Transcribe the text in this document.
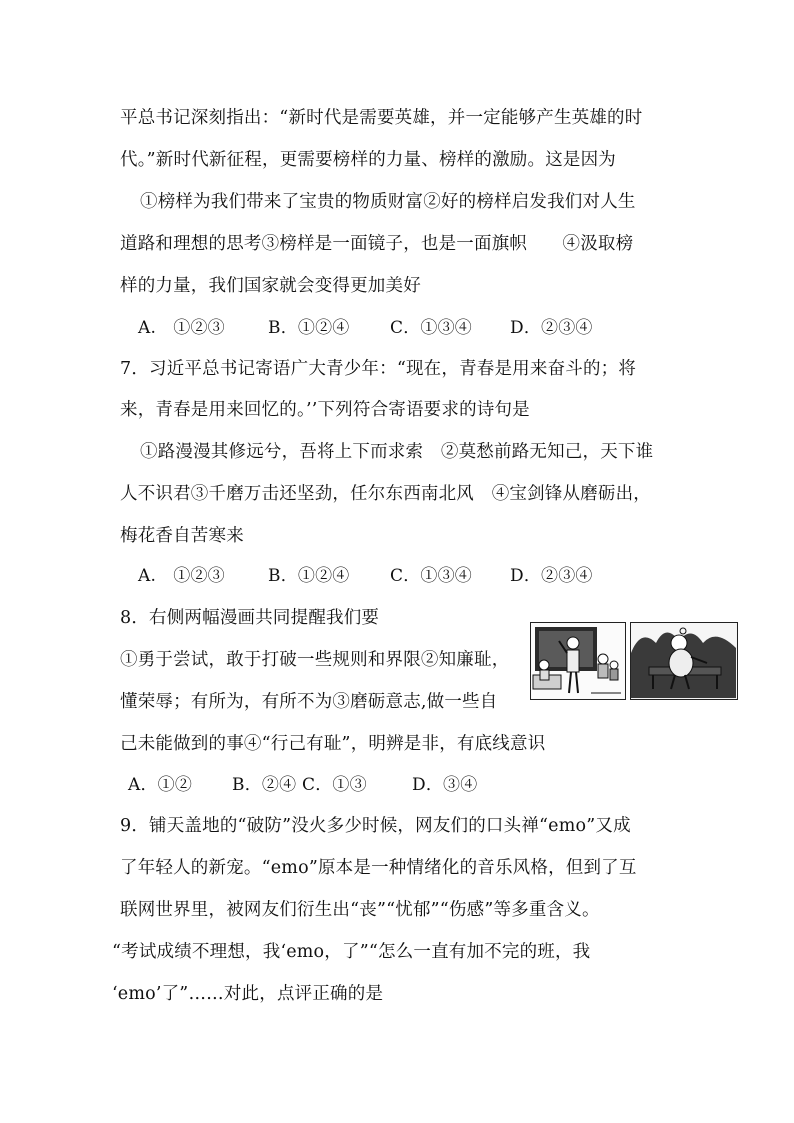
平总书记深刻指出：“新时代是需要英雄，并一定能够产生英雄的时
代。”新时代新征程，更需要榜样的力量、榜样的激励。这是因为
①榜样为我们带来了宝贵的物质财富②好的榜样启发我们对人生
道路和理想的思考③榜样是一面镜子，也是一面旗帜　　④汲取榜
样的力量，我们国家就会变得更加美好
A.　①②③	B．①②④ C．①③④ D．②③④
7．习近平总书记寄语广大青少年：“现在，青春是用来奋斗的；将
来，青春是用来回忆的。’’下列符合寄语要求的诗句是
①路漫漫其修远兮，吾将上下而求索　②莫愁前路无知己，天下谁
人不识君③千磨万击还坚劲，任尔东西南北风　④宝剑锋从磨砺出，
梅花香自苦寒来
A.　①②③	B．①②④ C．①③④ D．②③④
8．右侧两幅漫画共同提醒我们要
①勇于尝试，敢于打破一些规则和界限②知廉耻，
懂荣辱；有所为，有所不为③磨砺意志,做一些自
己未能做到的事④“行己有耻”，明辨是非，有底线意识
A．①② B．②④ C．①③	D．③④
9．铺天盖地的“破防”没火多少时候，网友们的口头禅“emo”又成
了年轻人的新宠。“emo”原本是一种情绪化的音乐风格，但到了互
联网世界里，被网友们衍生出“丧”“忧郁”“伤感”等多重含义。
“考试成绩不理想，我‘emo，了”“怎么一直有加不完的班，我
‘emo’了”……对此，点评正确的是
